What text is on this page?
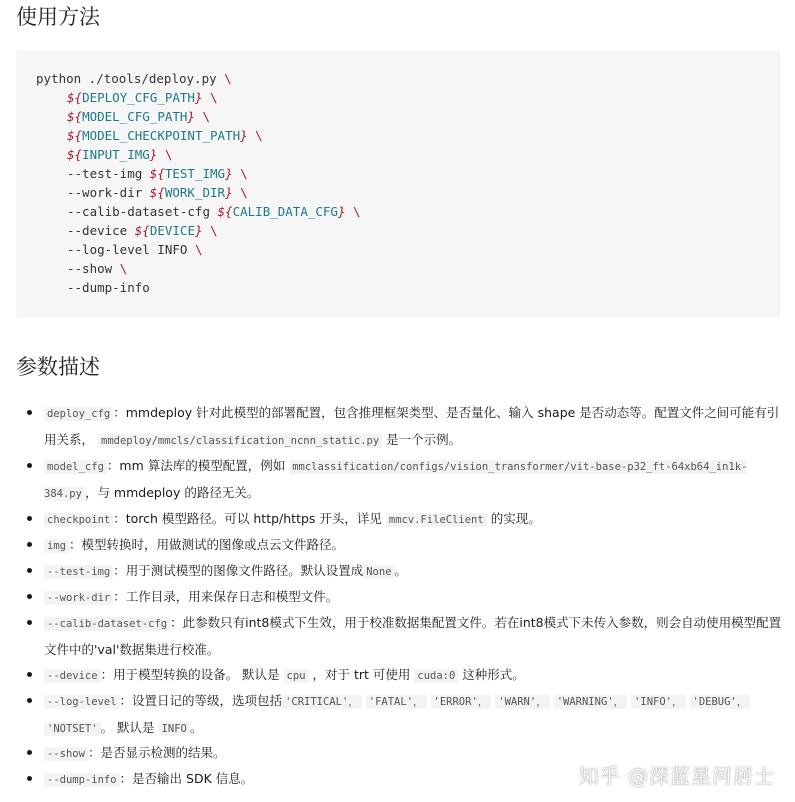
使用方法
python ./tools/deploy.py \
${DEPLOY_CFG_PATH} \
${MODEL_CFG_PATH} \
${MODEL_CHECKPOINT_PATH} \
${INPUT_IMG} \
--test-img ${TEST_IMG} \
--work-dir ${WORK_DIR} \
--calib-dataset-cfg ${CALIB_DATA_CFG} \
--device ${DEVICE} \
--log-level INFO \
--show \
--dump-info
参数描述
deploy_cfg ：mmdeploy 针对此模型的部署配置，包含推理框架类型、是否量化、输入 shape 是否动态等。配置文件之间可能有引用关系， mmdeploy/mmcls/classification_ncnn_static.py 是一个示例。
model_cfg ：mm 算法库的模型配置，例如 mmclassification/configs/vision_transformer/vit-base-p32_ft-64xb64_in1k-384.py ，与 mmdeploy 的路径无关。
checkpoint ：torch 模型路径。可以 http/https 开头，详见 mmcv.FileClient 的实现。
img ：模型转换时，用做测试的图像或点云文件路径。
--test-img ：用于测试模型的图像文件路径。默认设置成 None 。
--work-dir ：工作目录，用来保存日志和模型文件。
--calib-dataset-cfg ：此参数只有int8模式下生效，用于校准数据集配置文件。若在int8模式下未传入参数，则会自动使用模型配置文件中的'val'数据集进行校准。
--device ：用于模型转换的设备。 默认是 cpu ，对于 trt 可使用 cuda:0 这种形式。
--log-level ：设置日记的等级，选项包括 'CRITICAL'， 'FATAL'， 'ERROR'， 'WARN'， 'WARNING'， 'INFO'， 'DEBUG'， 'NOTSET' 。 默认是 INFO 。
--show ：是否显示检测的结果。
--dump-info ：是否输出 SDK 信息。	知乎 @深蓝星河居士
